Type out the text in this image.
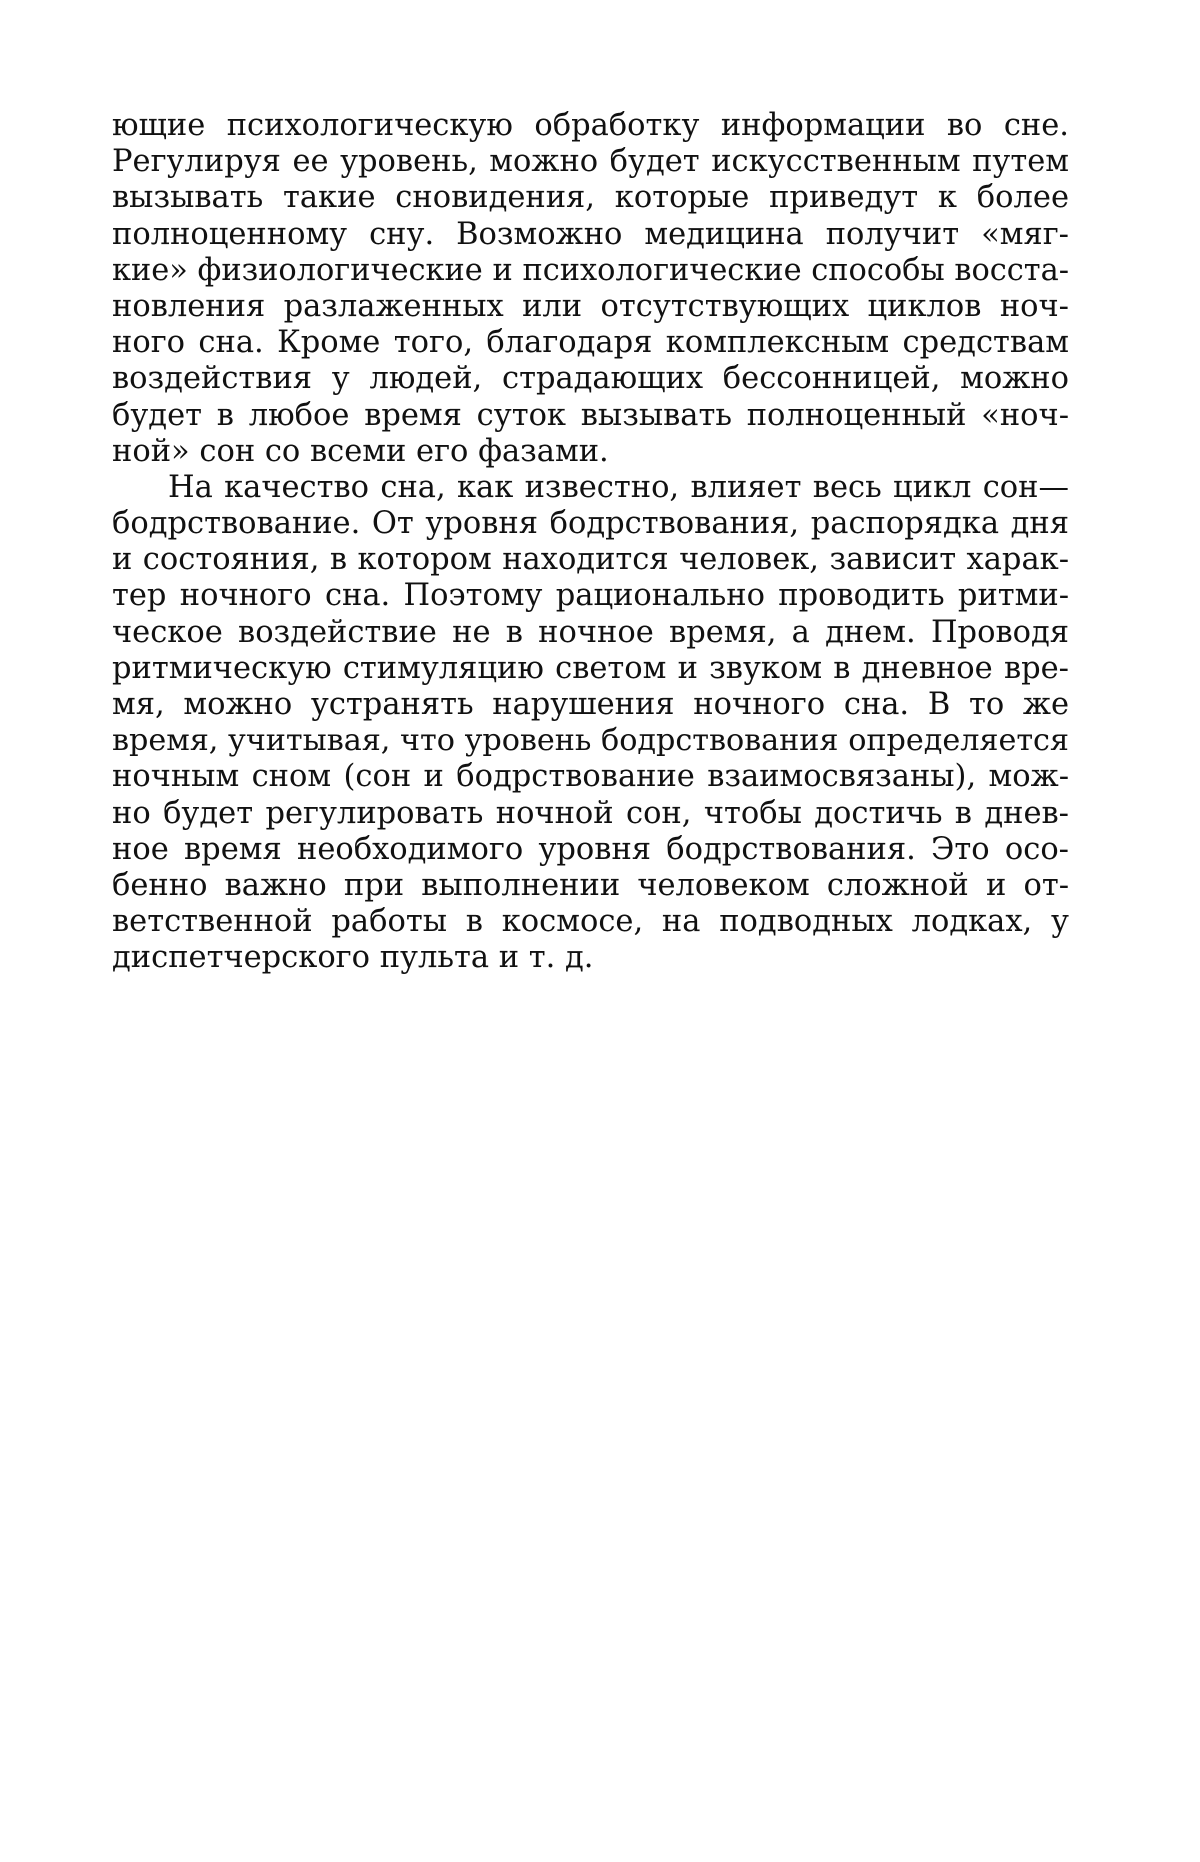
ющие психологическую обработку информации во сне.
Регулируя ее уровень, можно будет искусственным путем
вызывать такие сновидения, которые приведут к более
полноценному сну. Возможно медицина получит «мяг-
кие» физиологические и психологические способы восста-
новления разлаженных или отсутствующих циклов ноч-
ного сна. Кроме того, благодаря комплексным средствам
воздействия у людей, страдающих бессонницей, можно
будет в любое время суток вызывать полноценный «ноч-
ной» сон со всеми его фазами.
На качество сна, как известно, влияет весь цикл сон—
бодрствование. От уровня бодрствования, распорядка дня
и состояния, в котором находится человек, зависит харак-
тер ночного сна. Поэтому рационально проводить ритми-
ческое воздействие не в ночное время, а днем. Проводя
ритмическую стимуляцию светом и звуком в дневное вре-
мя, можно устранять нарушения ночного сна. В то же
время, учитывая, что уровень бодрствования определяется
ночным сном (сон и бодрствование взаимосвязаны), мож-
но будет регулировать ночной сон, чтобы достичь в днев-
ное время необходимого уровня бодрствования. Это осо-
бенно важно при выполнении человеком сложной и от-
ветственной работы в космосе, на подводных лодках, у
диспетчерского пульта и т. д.
